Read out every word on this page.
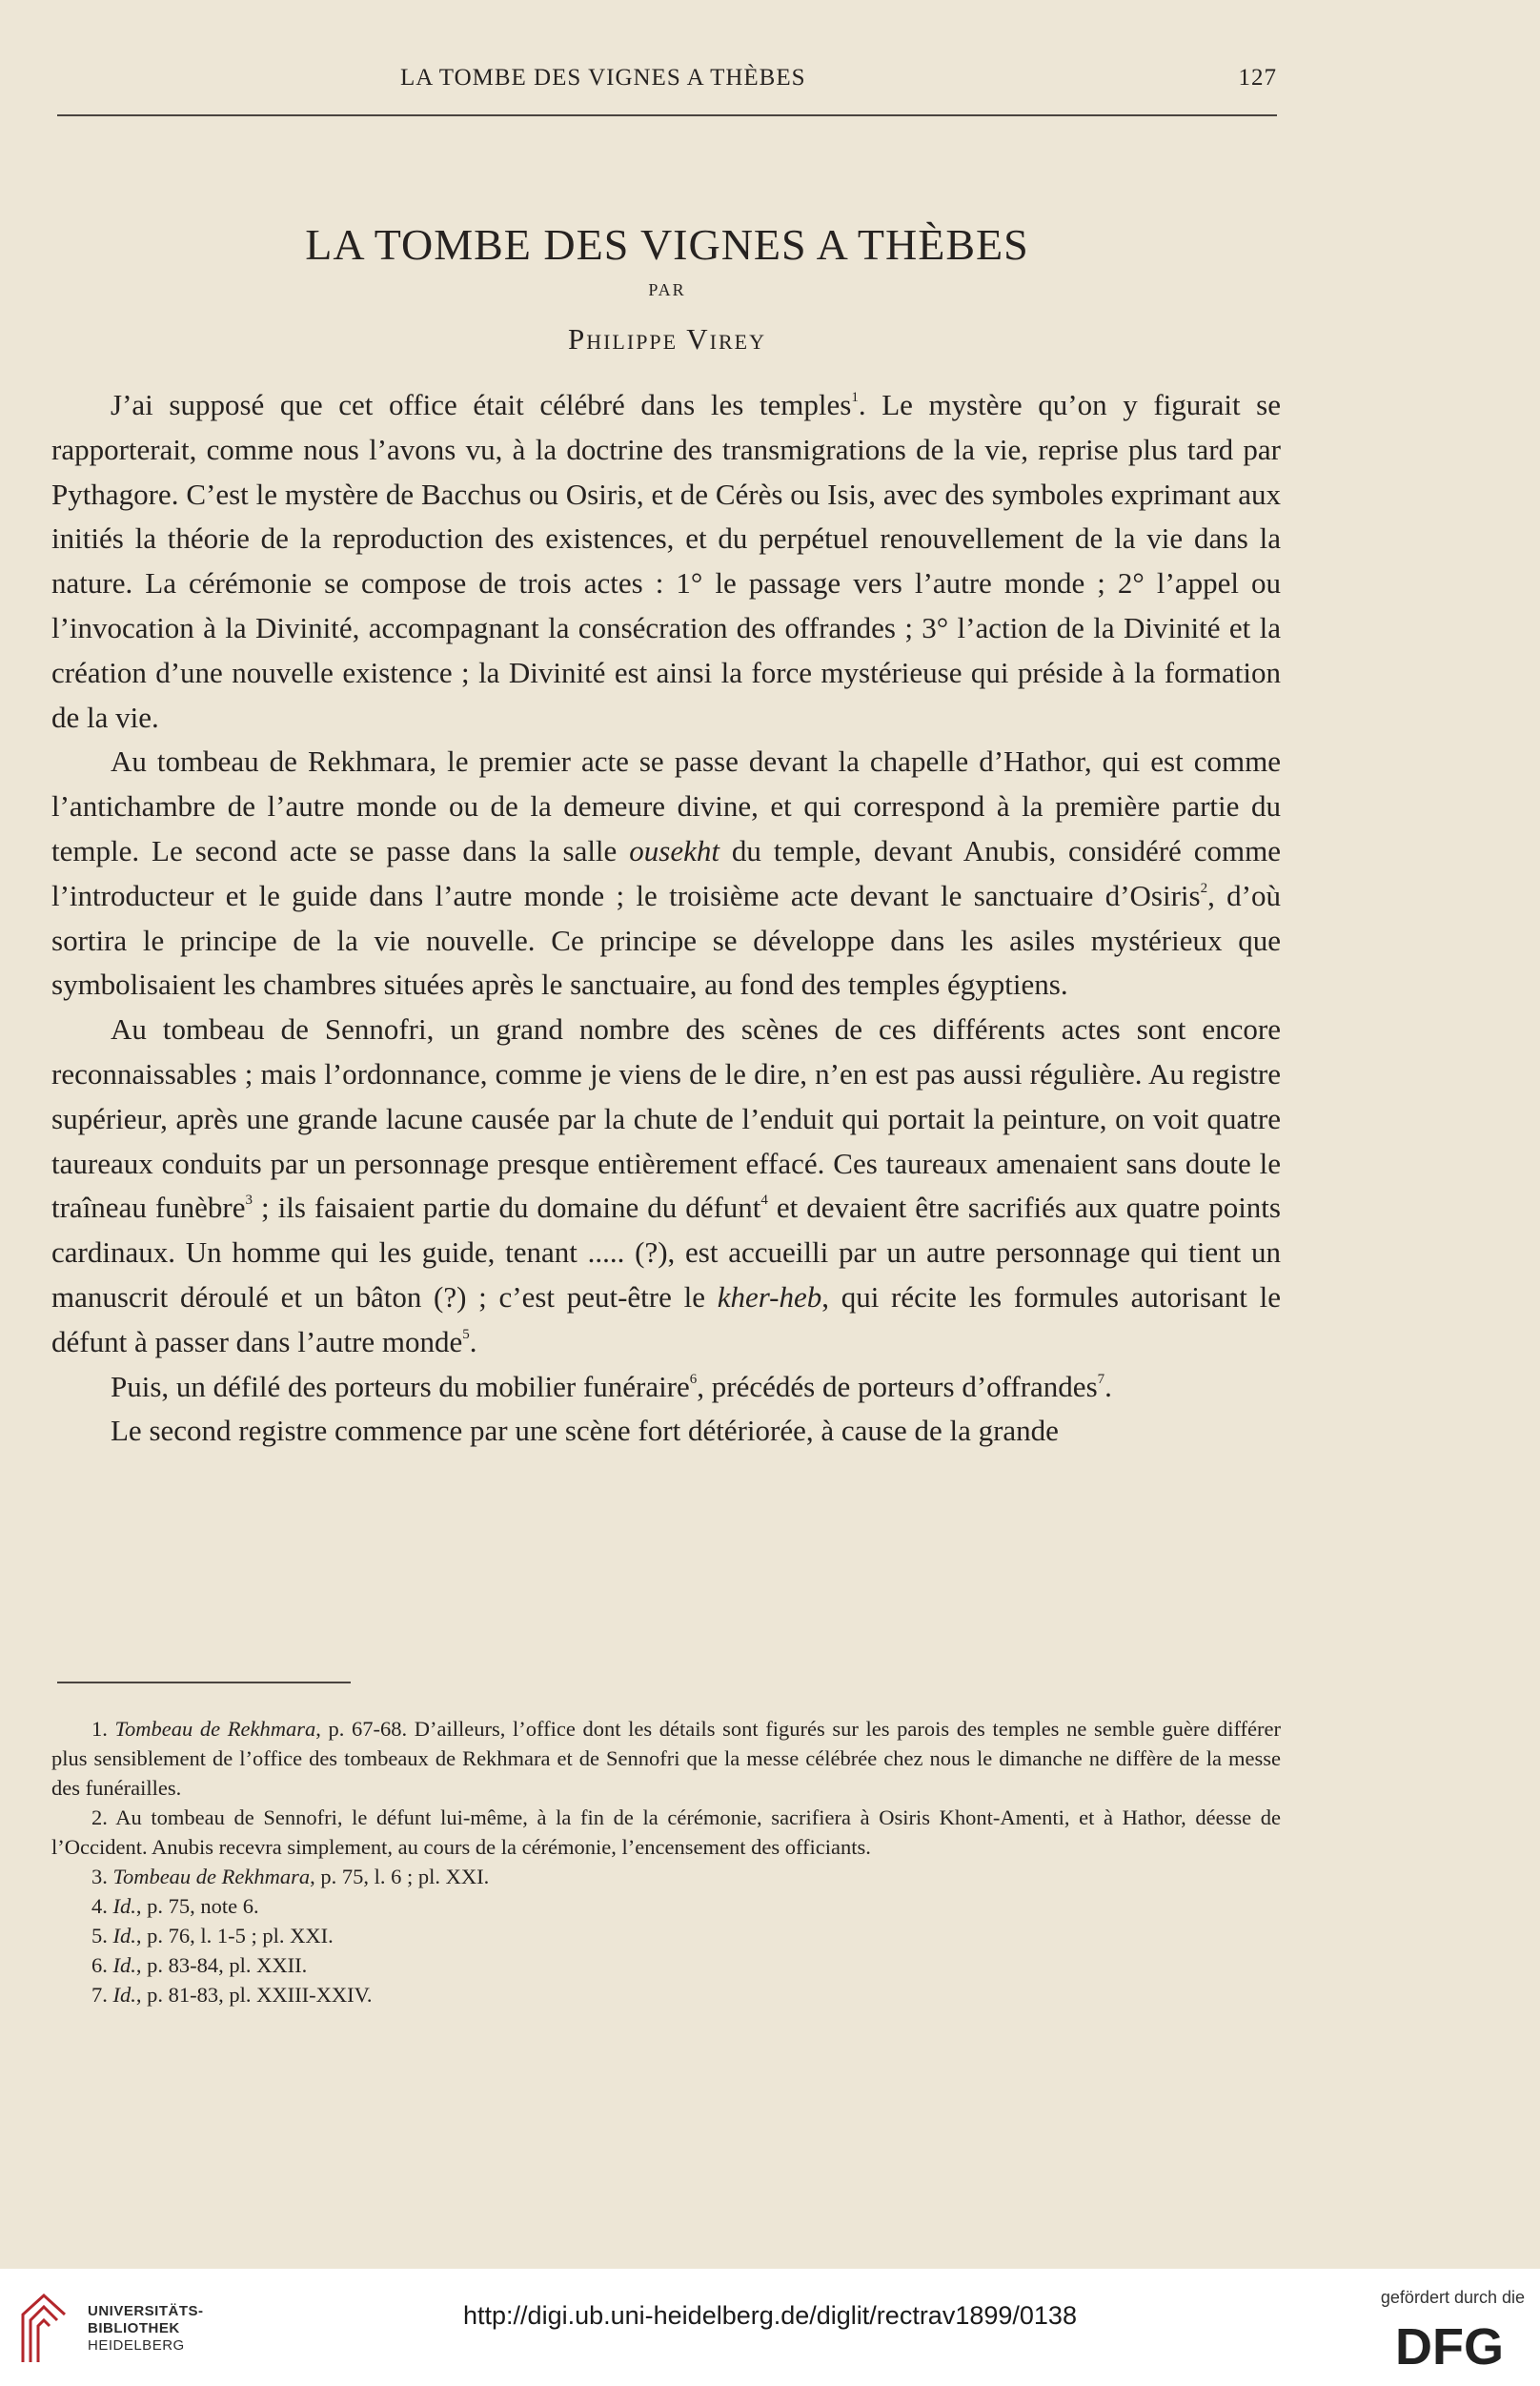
LA TOMBE DES VIGNES A THÈBES	127
LA TOMBE DES VIGNES A THÈBES
PAR
Philippe Virey

J’ai supposé que cet office était célébré dans les temples$^1$. Le mystère qu’on y figurait se rapporterait, comme nous l’avons vu, à la doctrine des transmigrations de la vie, reprise plus tard par Pythagore. C’est le mystère de Bacchus ou Osiris, et de Cérès ou Isis, avec des symboles exprimant aux initiés la théorie de la reproduction des existences, et du perpétuel renouvellement de la vie dans la nature. La cérémonie se compose de trois actes : 1° le passage vers l’autre monde ; 2° l’appel ou l’invocation à la Divinité, accompagnant la consécration des offrandes ; 3° l’action de la Divinité et la création d’une nouvelle existence ; la Divinité est ainsi la force mystérieuse qui préside à la formation de la vie.

Au tombeau de Rekhmara, le premier acte se passe devant la chapelle d’Hathor, qui est comme l’antichambre de l’autre monde ou de la demeure divine, et qui correspond à la première partie du temple. Le second acte se passe dans la salle ousekht du temple, devant Anubis, considéré comme l’introducteur et le guide dans l’autre monde ; le troisième acte devant le sanctuaire d’Osiris$^2$, d’où sortira le principe de la vie nouvelle. Ce principe se développe dans les asiles mystérieux que symbolisaient les chambres situées après le sanctuaire, au fond des temples égyptiens.

Au tombeau de Sennofri, un grand nombre des scènes de ces différents actes sont encore reconnaissables ; mais l’ordonnance, comme je viens de le dire, n’en est pas aussi régulière. Au registre supérieur, après une grande lacune causée par la chute de l’enduit qui portait la peinture, on voit quatre taureaux conduits par un personnage presque entièrement effacé. Ces taureaux amenaient sans doute le traîneau funèbre$^3$ ; ils faisaient partie du domaine du défunt$^4$ et devaient être sacrifiés aux quatre points cardinaux. Un homme qui les guide, tenant ..... (?), est accueilli par un autre personnage qui tient un manuscrit déroulé et un bâton (?) ; c’est peut-être le kher-heb, qui récite les formules autorisant le défunt à passer dans l’autre monde$^5$.

Puis, un défilé des porteurs du mobilier funéraire$^6$, précédés de porteurs d’offrandes$^7$.

Le second registre commence par une scène fort détériorée, à cause de la grande

1. Tombeau de Rekhmara, p. 67-68. D’ailleurs, l’office dont les détails sont figurés sur les parois des temples ne semble guère différer plus sensiblement de l’office des tombeaux de Rekhmara et de Sennofri que la messe célébrée chez nous le dimanche ne diffère de la messe des funérailles.

2. Au tombeau de Sennofri, le défunt lui-même, à la fin de la cérémonie, sacrifiera à Osiris Khont-Amenti, et à Hathor, déesse de l’Occident. Anubis recevra simplement, au cours de la cérémonie, l’encensement des officiants.

3. Tombeau de Rekhmara, p. 75, l. 6 ; pl. XXI.

4. Id., p. 75, note 6.

5. Id., p. 76, l. 1-5 ; pl. XXI.

6. Id., p. 83-84, pl. XXII.

7. Id., p. 81-83, pl. XXIII-XXIV.

UNIVERSITÄTS-
BIBLIOTHEK
HEIDELBERG
http://digi.ub.uni-heidelberg.de/diglit/rectrav1899/0138
gefördert durch die
DFG
